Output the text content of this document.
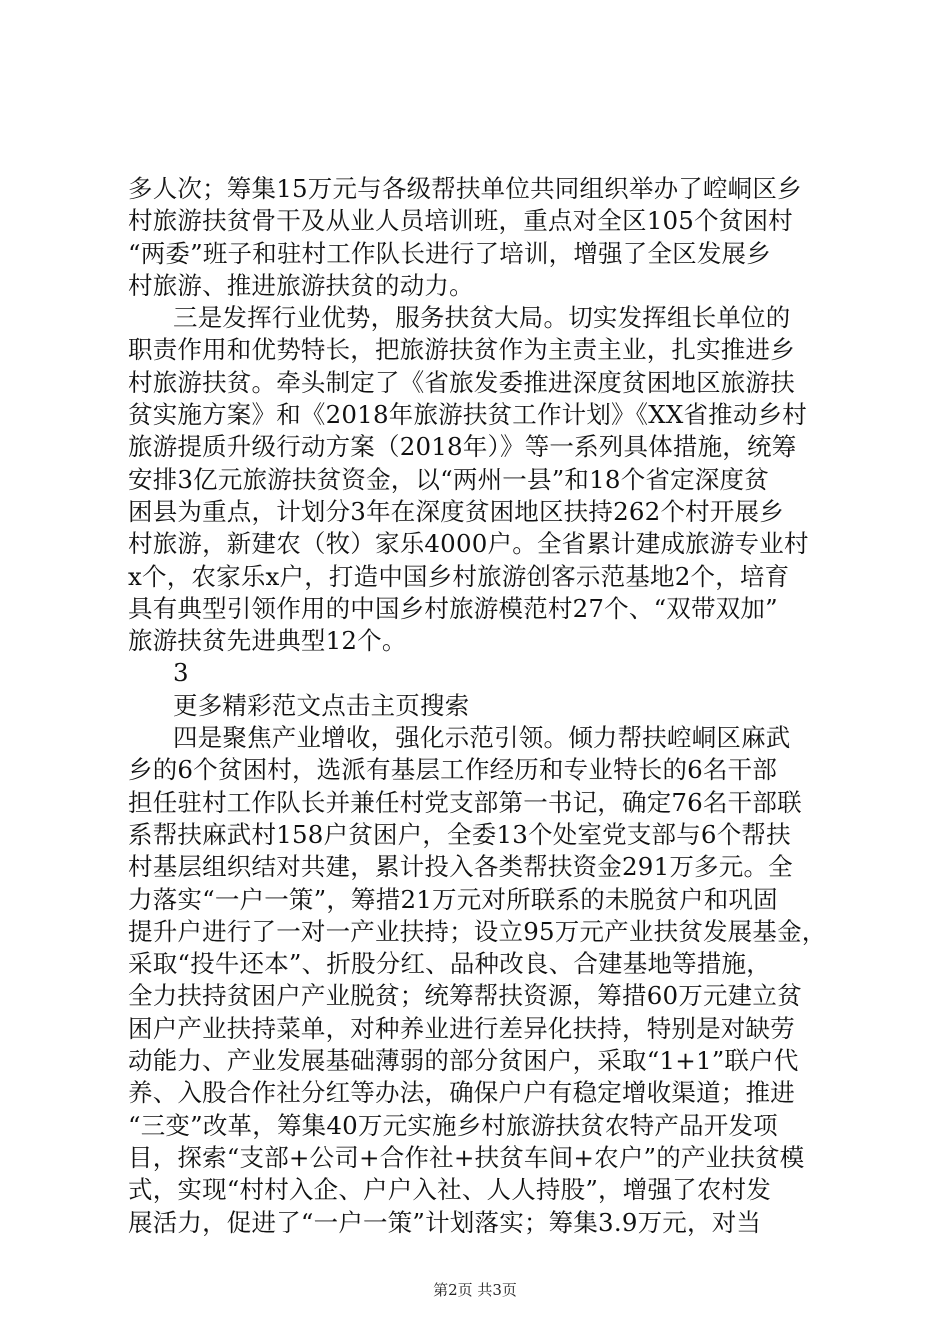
多人次；筹集15万元与各级帮扶单位共同组织举办了崆峒区乡
村旅游扶贫骨干及从业人员培训班，重点对全区105个贫困村
“两委”班子和驻村工作队长进行了培训，增强了全区发展乡
村旅游、推进旅游扶贫的动力。
三是发挥行业优势，服务扶贫大局。切实发挥组长单位的
职责作用和优势特长，把旅游扶贫作为主责主业，扎实推进乡
村旅游扶贫。牵头制定了《省旅发委推进深度贫困地区旅游扶
贫实施方案》和《2018年旅游扶贫工作计划》《XX省推动乡村
旅游提质升级行动方案（2018年）》等一系列具体措施，统筹
安排3亿元旅游扶贫资金，以“两州一县”和18个省定深度贫
困县为重点，计划分3年在深度贫困地区扶持262个村开展乡
村旅游，新建农（牧）家乐4000户。全省累计建成旅游专业村
x个，农家乐x户，打造中国乡村旅游创客示范基地2个，培育
具有典型引领作用的中国乡村旅游模范村27个、“双带双加”
旅游扶贫先进典型12个。
3
更多精彩范文点击主页搜索
四是聚焦产业增收，强化示范引领。倾力帮扶崆峒区麻武
乡的6个贫困村，选派有基层工作经历和专业特长的6名干部
担任驻村工作队长并兼任村党支部第一书记，确定76名干部联
系帮扶麻武村158户贫困户，全委13个处室党支部与6个帮扶
村基层组织结对共建，累计投入各类帮扶资金291万多元。全
力落实“一户一策”，筹措21万元对所联系的未脱贫户和巩固
提升户进行了一对一产业扶持；设立95万元产业扶贫发展基金，
采取“投牛还本”、折股分红、品种改良、合建基地等措施，
全力扶持贫困户产业脱贫；统筹帮扶资源，筹措60万元建立贫
困户产业扶持菜单，对种养业进行差异化扶持，特别是对缺劳
动能力、产业发展基础薄弱的部分贫困户，采取“1+1”联户代
养、入股合作社分红等办法，确保户户有稳定增收渠道；推进
“三变”改革，筹集40万元实施乡村旅游扶贫农特产品开发项
目，探索“支部+公司+合作社+扶贫车间+农户”的产业扶贫模
式，实现“村村入企、户户入社、人人持股”，增强了农村发
展活力，促进了“一户一策”计划落实；筹集3.9万元，对当
第2页 共3页
